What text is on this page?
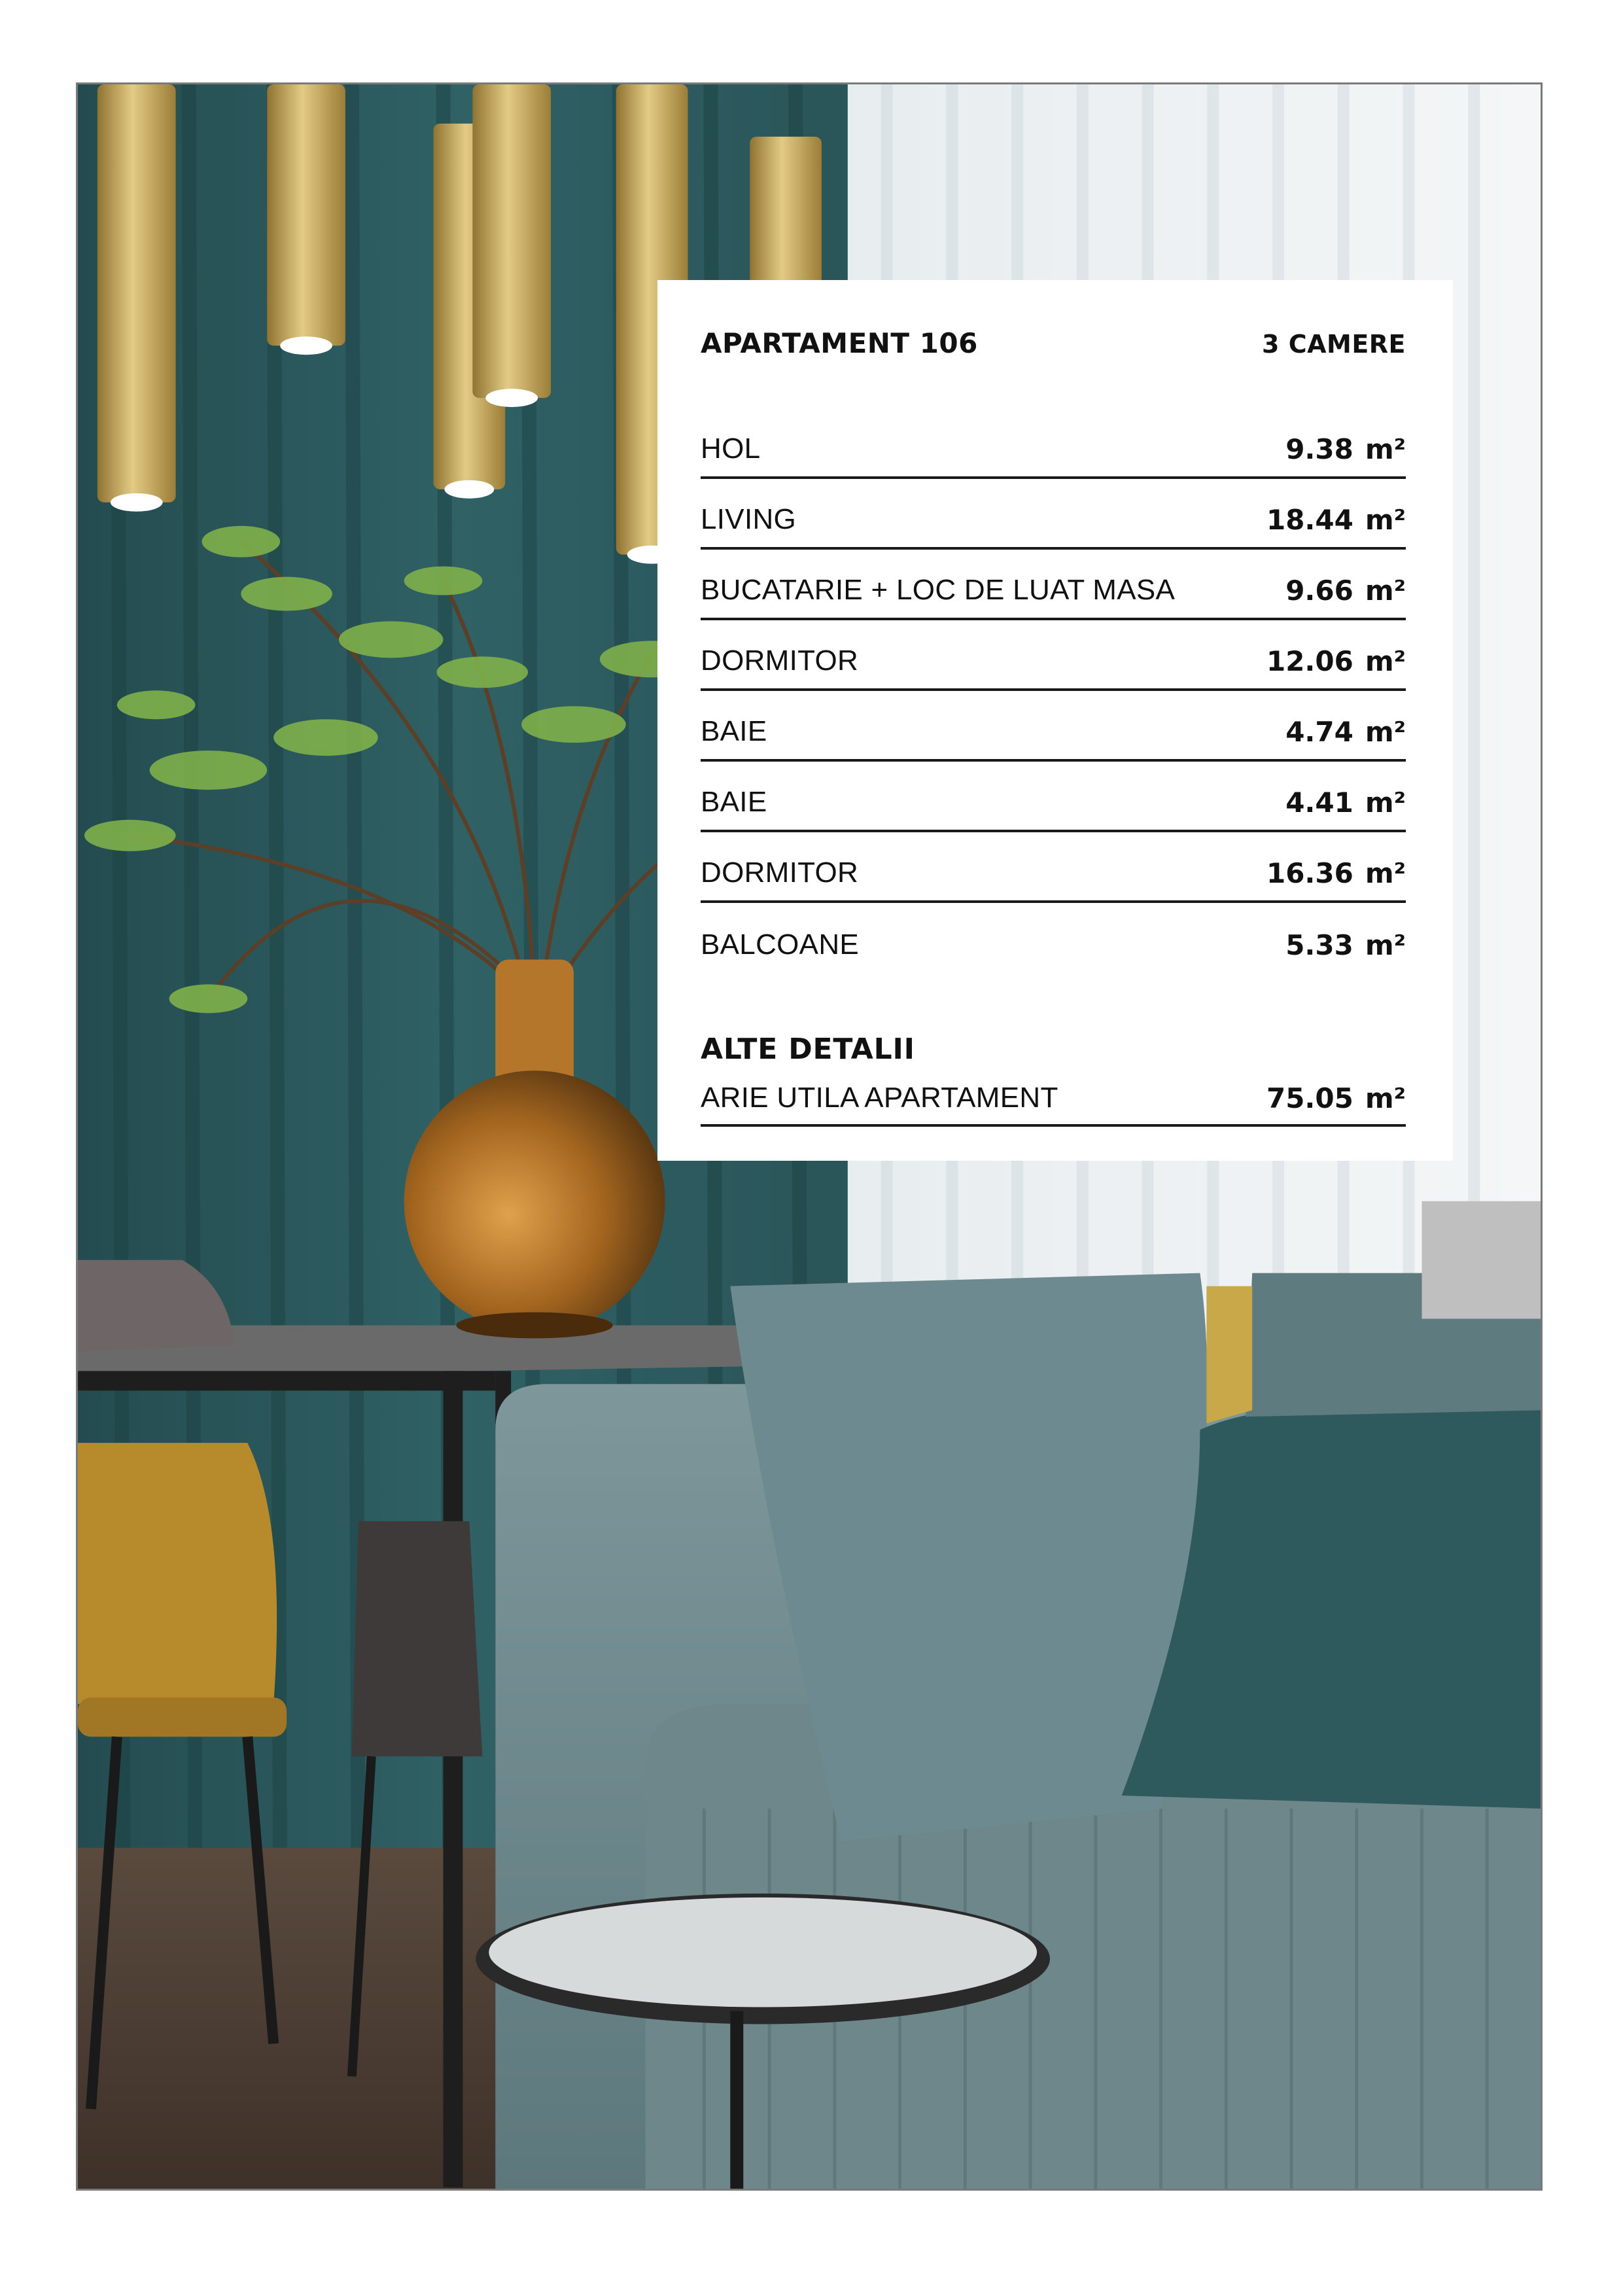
APARTAMENT 106	3 CAMERE
HOL	9.38 m²
LIVING	18.44 m²
BUCATARIE + LOC DE LUAT MASA	9.66 m²
DORMITOR	12.06 m²
BAIE	4.74 m²
BAIE	4.41 m²
DORMITOR	16.36 m²
BALCOANE	5.33 m²
ALTE DETALII
ARIE UTILA APARTAMENT	75.05 m²
